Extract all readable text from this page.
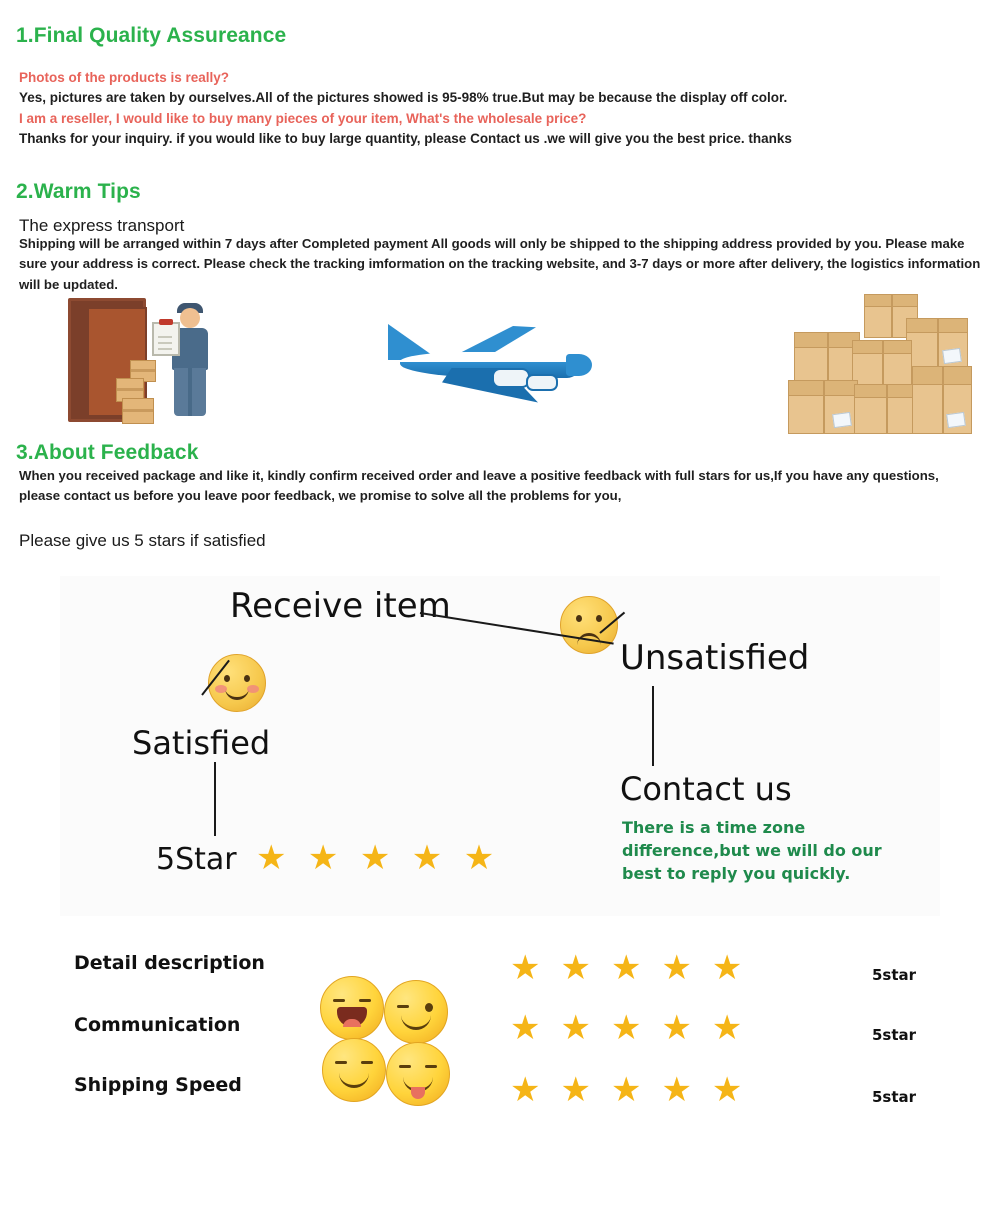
1.Final Quality Assureance
Photos of the products is really?
Yes, pictures are taken by ourselves.All of the pictures showed is 95-98% true.But may be because the display off color.
I am a reseller, I would like to buy many pieces of your item, What's the wholesale price?
Thanks for your inquiry. if you would like to buy large quantity, please Contact us .we will give you the best price. thanks
2.Warm Tips
The express transport
Shipping will be arranged within 7 days after Completed payment All goods will only be shipped to the shipping address provided by you. Please make sure your address is correct. Please check the tracking imformation on the tracking website, and 3-7 days or more after delivery, the logistics information will be updated.
3.About Feedback
When you received package and like it, kindly confirm received order and leave a positive feedback with full stars for us,If you have any questions, please contact us before you leave poor feedback, we promise to solve all the problems for you,
Please give us 5 stars if satisfied
Receive item
Unsatisfied
Satisfied
Contact us
5Star
There is a time zone difference,but we will do our best to reply you quickly.
★ ★ ★ ★ ★
Detail description
Communication
Shipping Speed
★★★★★
★★★★★
★★★★★
5star
5star
5star
